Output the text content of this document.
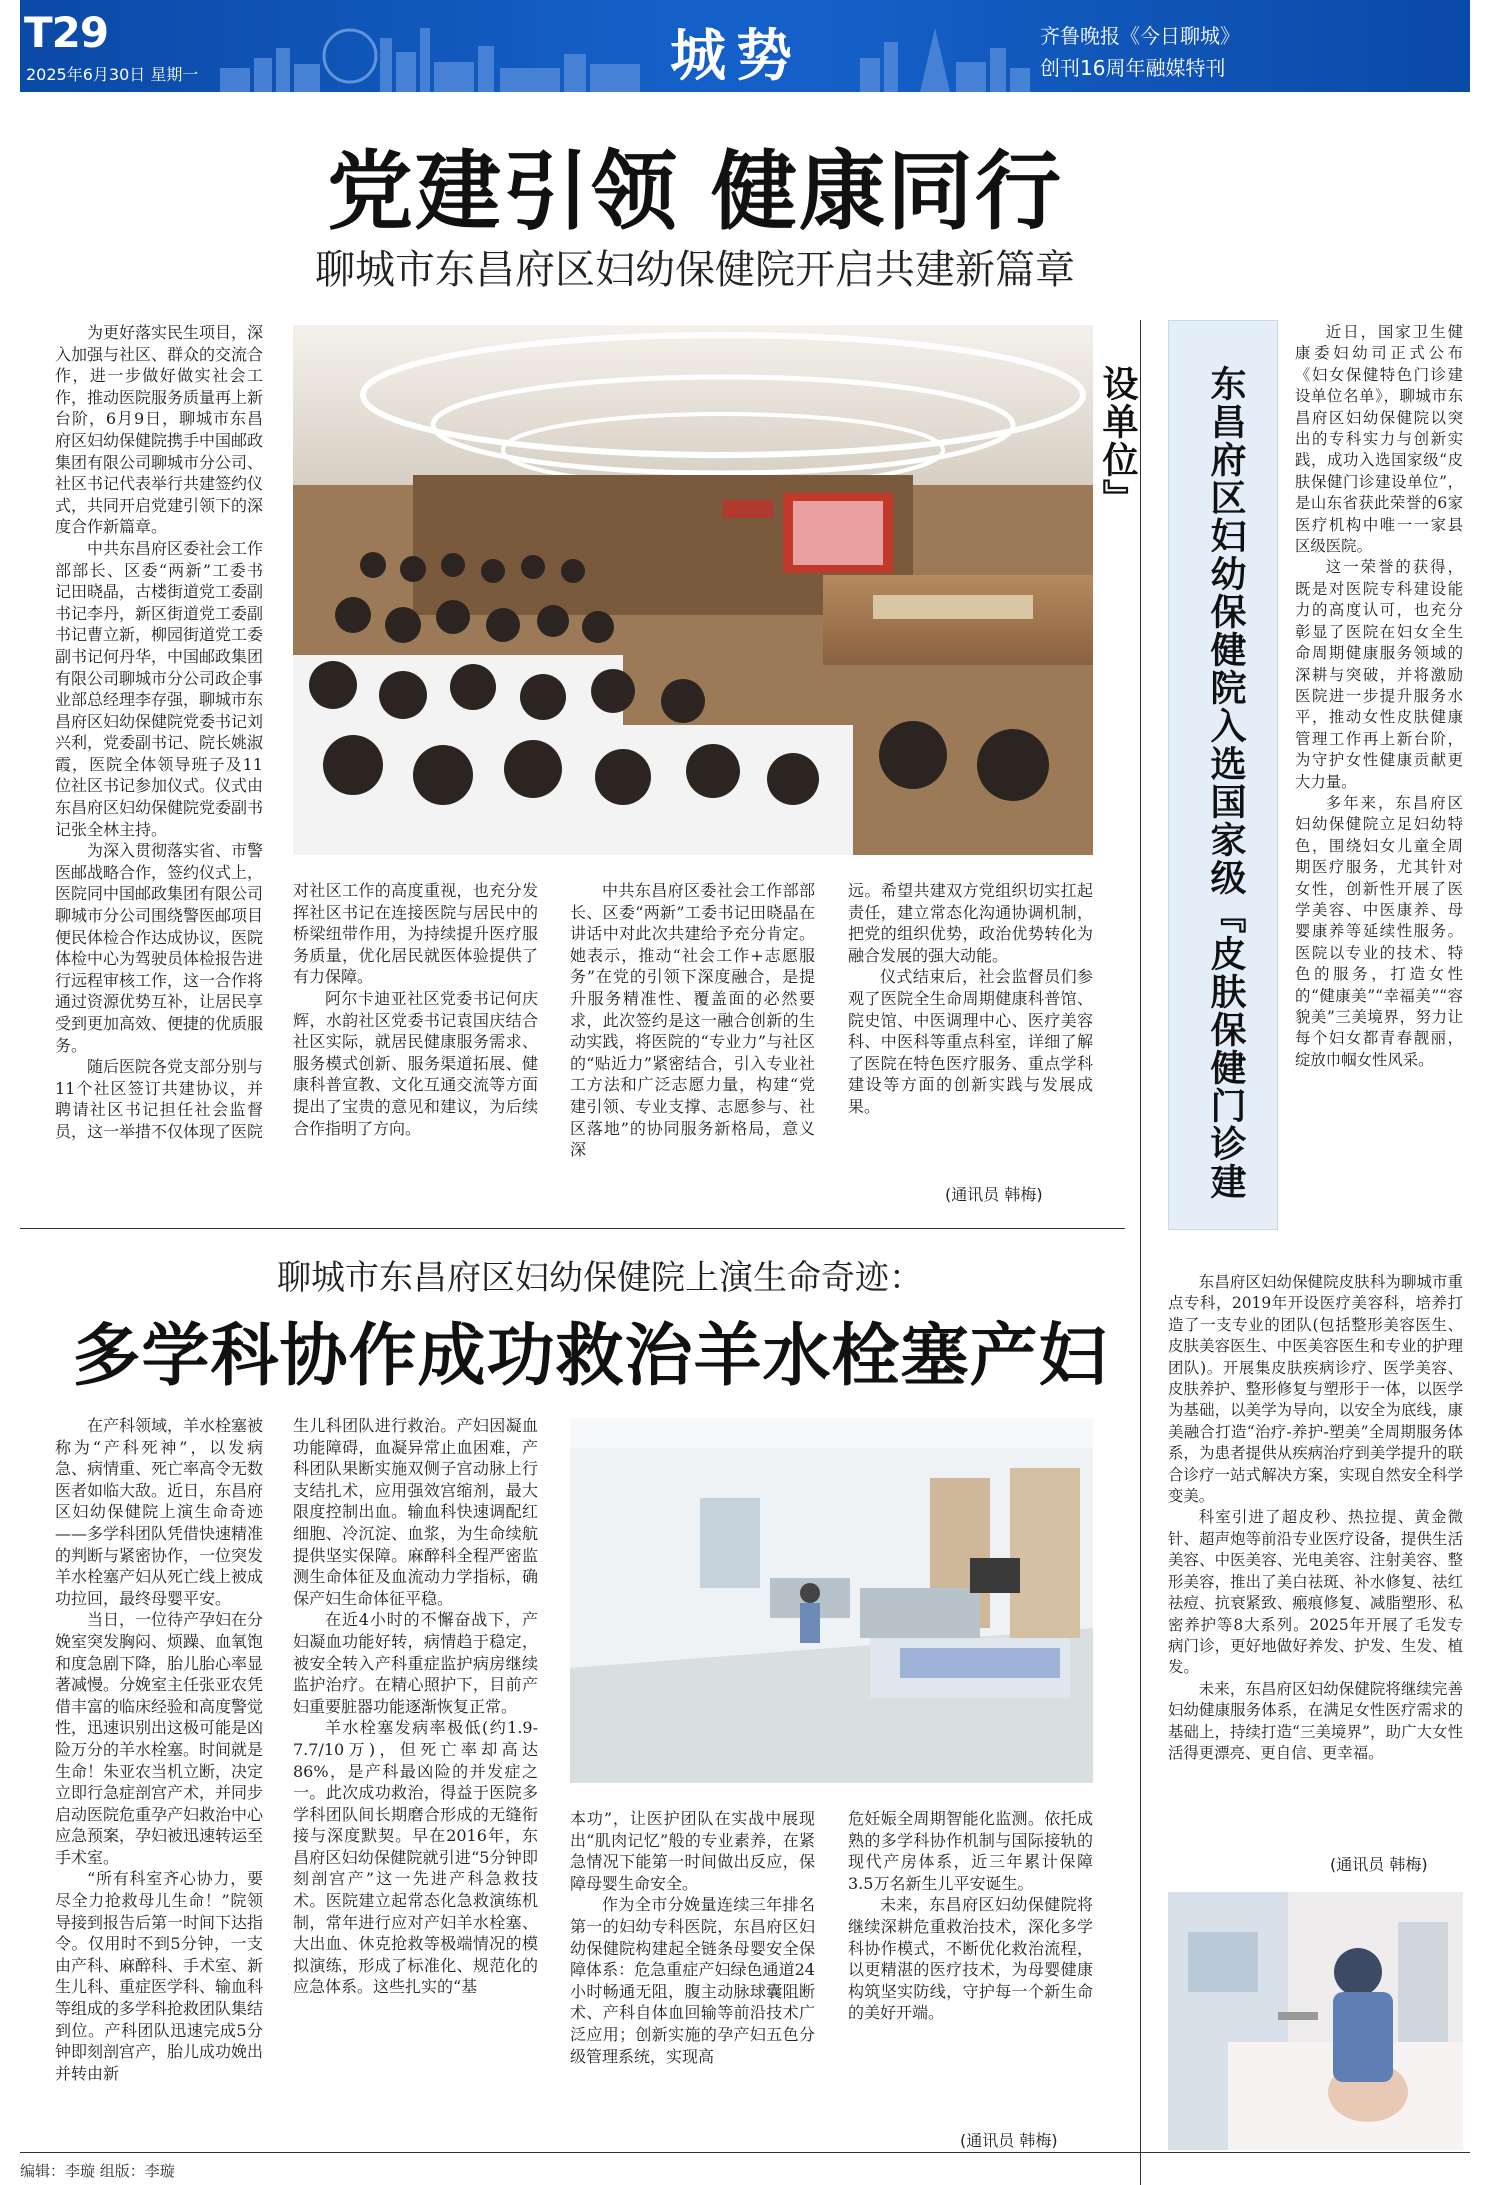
T29
2025年6月30日 星期一	城势	齐鲁晚报《今日聊城》
创刊16周年融媒特刊
党建引领 健康同行
聊城市东昌府区妇幼保健院开启共建新篇章

为更好落实民生项目，深入加强与社区、群众的交流合作，进一步做好做实社会工作，推动医院服务质量再上新台阶，6月9日，聊城市东昌府区妇幼保健院携手中国邮政集团有限公司聊城市分公司、社区书记代表举行共建签约仪式，共同开启党建引领下的深度合作新篇章。

中共东昌府区委社会工作部部长、区委“两新”工委书记田晓晶，古楼街道党工委副书记李丹，新区街道党工委副书记曹立新，柳园街道党工委副书记何丹华，中国邮政集团有限公司聊城市分公司政企事业部总经理李存强，聊城市东昌府区妇幼保健院党委书记刘兴利，党委副书记、院长姚淑霞，医院全体领导班子及11位社区书记参加仪式。仪式由东昌府区妇幼保健院党委副书记张全林主持。

为深入贯彻落实省、市警医邮战略合作，签约仪式上，医院同中国邮政集团有限公司聊城市分公司围绕警医邮项目便民体检合作达成协议，医院体检中心为驾驶员体检报告进行远程审核工作，这一合作将通过资源优势互补，让居民享受到更加高效、便捷的优质服务。

随后医院各党支部分别与11个社区签订共建协议，并聘请社区书记担任社会监督员，这一举措不仅体现了医院

对社区工作的高度重视，也充分发挥社区书记在连接医院与居民中的桥梁纽带作用，为持续提升医疗服务质量，优化居民就医体验提供了有力保障。

阿尔卡迪亚社区党委书记何庆辉，水韵社区党委书记袁国庆结合社区实际，就居民健康服务需求、服务模式创新、服务渠道拓展、健康科普宣教、文化互通交流等方面提出了宝贵的意见和建议，为后续合作指明了方向。

中共东昌府区委社会工作部部长、区委“两新”工委书记田晓晶在讲话中对此次共建给予充分肯定。她表示，推动“社会工作+志愿服务”在党的引领下深度融合，是提升服务精准性、覆盖面的必然要求，此次签约是这一融合创新的生动实践，将医院的“专业力”与社区的“贴近力”紧密结合，引入专业社工方法和广泛志愿力量，构建“党建引领、专业支撑、志愿参与、社区落地”的协同服务新格局，意义深

远。希望共建双方党组织切实扛起责任，建立常态化沟通协调机制，把党的组织优势，政治优势转化为融合发展的强大动能。

仪式结束后，社会监督员们参观了医院全生命周期健康科普馆、院史馆、中医调理中心、医疗美容科、中医科等重点科室，详细了解了医院在特色医疗服务、重点学科建设等方面的创新实践与发展成果。

(通讯员 韩梅)	东昌府区妇幼保健院入选国家级『皮肤保健门诊建设单位』

近日，国家卫生健康委妇幼司正式公布《妇女保健特色门诊建设单位名单》，聊城市东昌府区妇幼保健院以突出的专科实力与创新实践，成功入选国家级“皮肤保健门诊建设单位”，是山东省获此荣誉的6家医疗机构中唯一一家县区级医院。

这一荣誉的获得，既是对医院专科建设能力的高度认可，也充分彰显了医院在妇女全生命周期健康服务领域的深耕与突破，并将激励医院进一步提升服务水平，推动女性皮肤健康管理工作再上新台阶，为守护女性健康贡献更大力量。

多年来，东昌府区妇幼保健院立足妇幼特色，围绕妇女儿童全周期医疗服务，尤其针对女性，创新性开展了医学美容、中医康养、母婴康养等延续性服务。医院以专业的技术、特色的服务，打造女性的“健康美”“幸福美”“容貌美”三美境界，努力让每个妇女都青春靓丽，绽放巾帼女性风采。

东昌府区妇幼保健院皮肤科为聊城市重点专科，2019年开设医疗美容科，培养打造了一支专业的团队(包括整形美容医生、皮肤美容医生、中医美容医生和专业的护理团队)。开展集皮肤疾病诊疗、医学美容、皮肤养护、整形修复与塑形于一体，以医学为基础，以美学为导向，以安全为底线，康美融合打造“治疗-养护-塑美”全周期服务体系，为患者提供从疾病治疗到美学提升的联合诊疗一站式解决方案，实现自然安全科学变美。

科室引进了超皮秒、热拉提、黄金微针、超声炮等前沿专业医疗设备，提供生活美容、中医美容、光电美容、注射美容、整形美容，推出了美白祛斑、补水修复、祛红祛痘、抗衰紧致、瘢痕修复、减脂塑形、私密养护等8大系列。2025年开展了毛发专病门诊，更好地做好养发、护发、生发、植发。

未来，东昌府区妇幼保健院将继续完善妇幼健康服务体系，在满足女性医疗需求的基础上，持续打造“三美境界”，助广大女性活得更漂亮、更自信、更幸福。

(通讯员 韩梅)
聊城市东昌府区妇幼保健院上演生命奇迹：
多学科协作成功救治羊水栓塞产妇

在产科领域，羊水栓塞被称为“产科死神”，以发病急、病情重、死亡率高令无数医者如临大敌。近日，东昌府区妇幼保健院上演生命奇迹——多学科团队凭借快速精准的判断与紧密协作，一位突发羊水栓塞产妇从死亡线上被成功拉回，最终母婴平安。

当日，一位待产孕妇在分娩室突发胸闷、烦躁、血氧饱和度急剧下降，胎儿胎心率显著减慢。分娩室主任张亚农凭借丰富的临床经验和高度警觉性，迅速识别出这极可能是凶险万分的羊水栓塞。时间就是生命！朱亚农当机立断，决定立即行急症剖宫产术，并同步启动医院危重孕产妇救治中心应急预案，孕妇被迅速转运至手术室。

“所有科室齐心协力，要尽全力抢救母儿生命！”院领导接到报告后第一时间下达指令。仅用时不到5分钟，一支由产科、麻醉科、手术室、新生儿科、重症医学科、输血科等组成的多学科抢救团队集结到位。产科团队迅速完成5分钟即刻剖宫产，胎儿成功娩出并转由新

生儿科团队进行救治。产妇因凝血功能障碍，血凝异常止血困难，产科团队果断实施双侧子宫动脉上行支结扎术，应用强效宫缩剂，最大限度控制出血。输血科快速调配红细胞、冷沉淀、血浆，为生命续航提供坚实保障。麻醉科全程严密监测生命体征及血流动力学指标，确保产妇生命体征平稳。

在近4小时的不懈奋战下，产妇凝血功能好转，病情趋于稳定，被安全转入产科重症监护病房继续监护治疗。在精心照护下，目前产妇重要脏器功能逐渐恢复正常。

羊水栓塞发病率极低(约1.9-7.7/10万)，但死亡率却高达86%，是产科最凶险的并发症之一。此次成功救治，得益于医院多学科团队间长期磨合形成的无缝衔接与深度默契。早在2016年，东昌府区妇幼保健院就引进“5分钟即刻剖宫产”这一先进产科急救技术。医院建立起常态化急救演练机制，常年进行应对产妇羊水栓塞、大出血、休克抢救等极端情况的模拟演练，形成了标准化、规范化的应急体系。这些扎实的“基

本功”，让医护团队在实战中展现出“肌肉记忆”般的专业素养，在紧急情况下能第一时间做出反应，保障母婴生命安全。

作为全市分娩量连续三年排名第一的妇幼专科医院，东昌府区妇幼保健院构建起全链条母婴安全保障体系：危急重症产妇绿色通道24小时畅通无阻，腹主动脉球囊阻断术、产科自体血回输等前沿技术广泛应用；创新实施的孕产妇五色分级管理系统，实现高

危妊娠全周期智能化监测。依托成熟的多学科协作机制与国际接轨的现代产房体系，近三年累计保障3.5万名新生儿平安诞生。

未来，东昌府区妇幼保健院将继续深耕危重救治技术，深化多学科协作模式，不断优化救治流程，以更精湛的医疗技术，为母婴健康构筑坚实防线，守护每一个新生命的美好开端。

(通讯员 韩梅)
编辑：李璇 组版：李璇
